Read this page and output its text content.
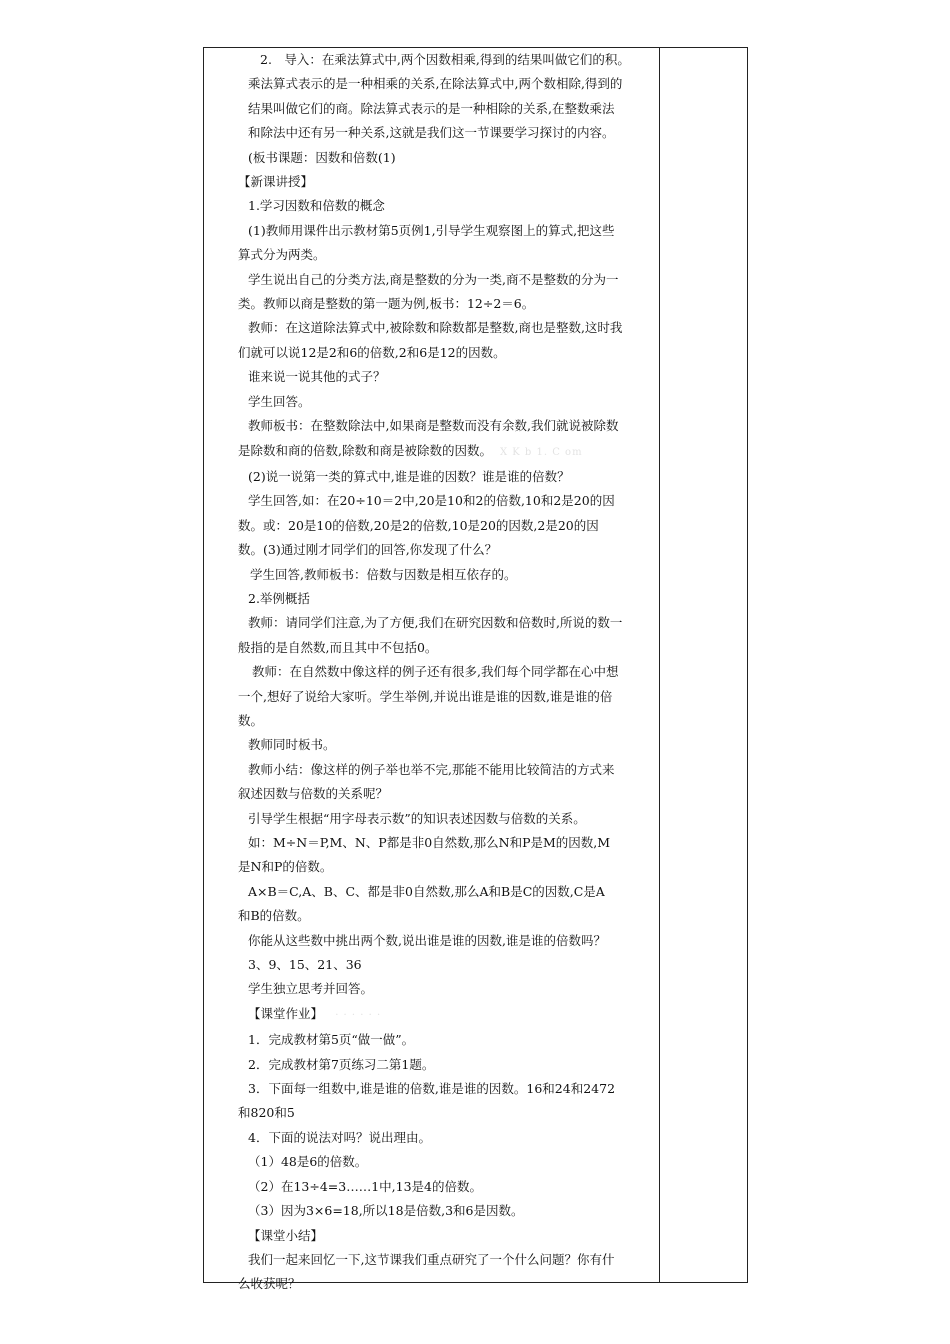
2.　导入：在乘法算式中,两个因数相乘,得到的结果叫做它们的积。
乘法算式表示的是一种相乘的关系,在除法算式中,两个数相除,得到的
结果叫做它们的商。除法算式表示的是一种相除的关系,在整数乘法
和除法中还有另一种关系,这就是我们这一节课要学习探讨的内容。
(板书课题：因数和倍数(1)
【新课讲授】
1.学习因数和倍数的概念
(1)教师用课件出示教材第5页例1,引导学生观察图上的算式,把这些
算式分为两类。
学生说出自己的分类方法,商是整数的分为一类,商不是整数的分为一
类。教师以商是整数的第一题为例,板书：12÷2＝6。
教师：在这道除法算式中,被除数和除数都是整数,商也是整数,这时我
们就可以说12是2和6的倍数,2和6是12的因数。
谁来说一说其他的式子？
学生回答。
教师板书：在整数除法中,如果商是整数而没有余数,我们就说被除数
是除数和商的倍数,除数和商是被除数的因数。 X K b 1. C om
(2)说一说第一类的算式中,谁是谁的因数？谁是谁的倍数？
学生回答,如：在20÷10＝2中,20是10和2的倍数,10和2是20的因
数。或：20是10的倍数,20是2的倍数,10是20的因数,2是20的因
数。(3)通过刚才同学们的回答,你发现了什么？
学生回答,教师板书：倍数与因数是相互依存的。
2.举例概括
教师：请同学们注意,为了方便,我们在研究因数和倍数时,所说的数一
般指的是自然数,而且其中不包括0。
教师：在自然数中像这样的例子还有很多,我们每个同学都在心中想
一个,想好了说给大家听。学生举例,并说出谁是谁的因数,谁是谁的倍
数。
教师同时板书。
教师小结：像这样的例子举也举不完,那能不能用比较简洁的方式来
叙述因数与倍数的关系呢？
引导学生根据“用字母表示数”的知识表述因数与倍数的关系。
如：M÷N＝P,M、N、P都是非0自然数,那么N和P是M的因数,M
是N和P的倍数。
A×B＝C,A、B、C、都是非0自然数,那么A和B是C的因数,C是A
和B的倍数。
你能从这些数中挑出两个数,说出谁是谁的因数,谁是谁的倍数吗？
3、9、15、21、36
学生独立思考并回答。
【课堂作业】 · · · · · ·
1．完成教材第5页“做一做”。
2．完成教材第7页练习二第1题。
3．下面每一组数中,谁是谁的倍数,谁是谁的因数。16和24和2472
和820和5
4．下面的说法对吗？说出理由。
（1）48是6的倍数。
（2）在13÷4=3……1中,13是4的倍数。
（3）因为3×6=18,所以18是倍数,3和6是因数。
【课堂小结】
我们一起来回忆一下,这节课我们重点研究了一个什么问题？你有什
么收获呢？
